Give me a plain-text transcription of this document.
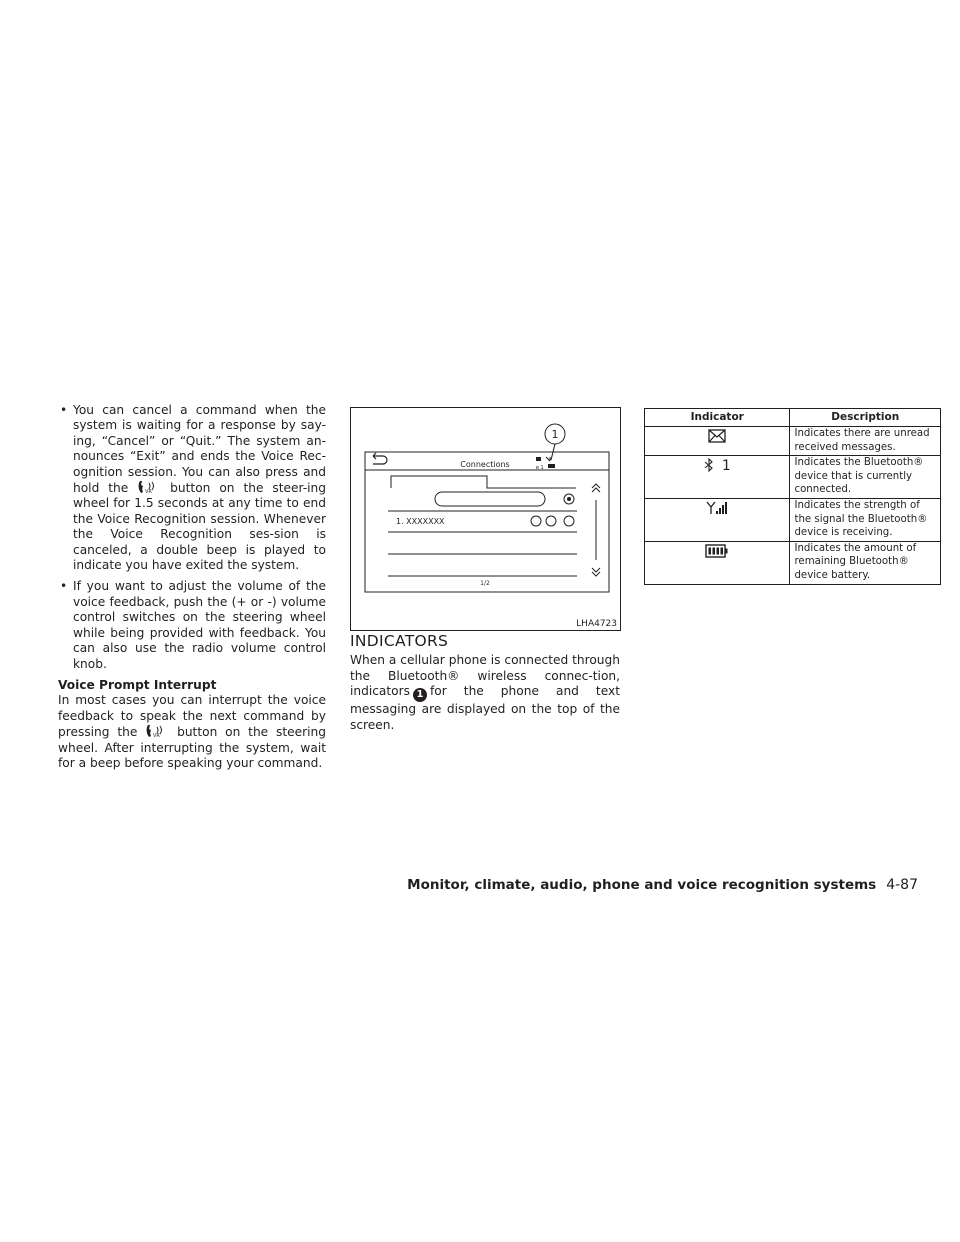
• You can cancel a command when the system is waiting for a response by say-ing, “Cancel” or “Quit.” The system an-nounces “Exit” and ends the Voice Rec-ognition session. You can also press and hold the	VR button on the steer-ing wheel for 1.5 seconds at any time to end the Voice Recognition session. Whenever the Voice Recognition ses-sion is canceled, a double beep is played to indicate you have exited the system.

• If you want to adjust the volume of the voice feedback, push the (+ or -) volume control switches on the steering wheel while being provided with feedback. You can also use the radio volume control knob.

Voice Prompt Interrupt

In most cases you can interrupt the voice feedback to speak the next command by pressing the	VR button on the steering wheel. After interrupting the system, wait for a beep before speaking your command.

1
Connections	ʙ 1
1. XXXXXXX
1/2
LHA4723
INDICATORS

When a cellular phone is connected through the Bluetooth® wireless connec-tion, indicators 1 for the phone and text messaging are displayed on the top of the screen.

Indicator	Description
	Indicates there are unread received messages.
1	Indicates the Bluetooth® device that is currently connected.
	Indicates the strength of the signal the Bluetooth® device is receiving.
	Indicates the amount of remaining Bluetooth® device battery.
Monitor, climate, audio, phone and voice recognition systems 4-87
